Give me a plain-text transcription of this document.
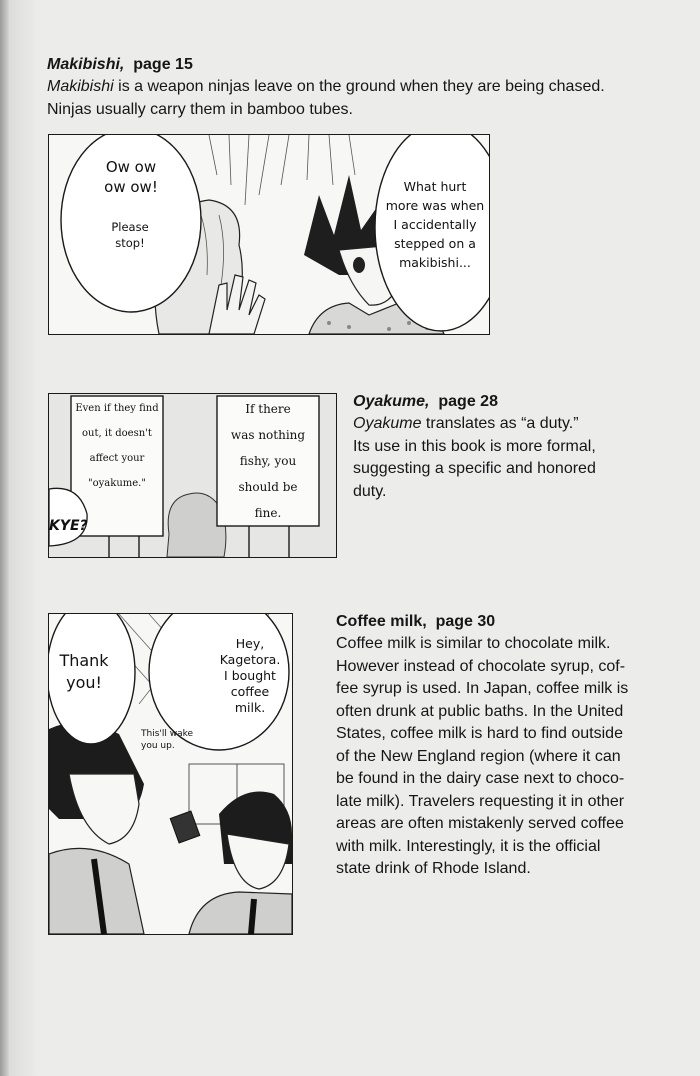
Makibishi, page 15
Makibishi is a weapon ninjas leave on the ground when they are being chased.
Ninjas usually carry them in bamboo tubes.
Ow ow
ow ow!
Please
stop!
What hurt
more was when
I accidentally
stepped on a
makibishi...
Even if they find
out, it doesn't
affect your
"oyakume."
If there
was nothing
fishy, you
should be
fine.
KYE?
Oyakume, page 28
Oyakume translates as “a duty.”
Its use in this book is more formal,
suggesting a specific and honored
duty.
Thank
you!
Hey,
Kagetora.
I bought
coffee
milk.
This'll wake
you up.
Coffee milk, page 30
Coffee milk is similar to chocolate milk.
However instead of chocolate syrup, cof-
fee syrup is used. In Japan, coffee milk is
often drunk at public baths. In the United
States, coffee milk is hard to find outside
of the New England region (where it can
be found in the dairy case next to choco-
late milk). Travelers requesting it in other
areas are often mistakenly served coffee
with milk. Interestingly, it is the official
state drink of Rhode Island.
